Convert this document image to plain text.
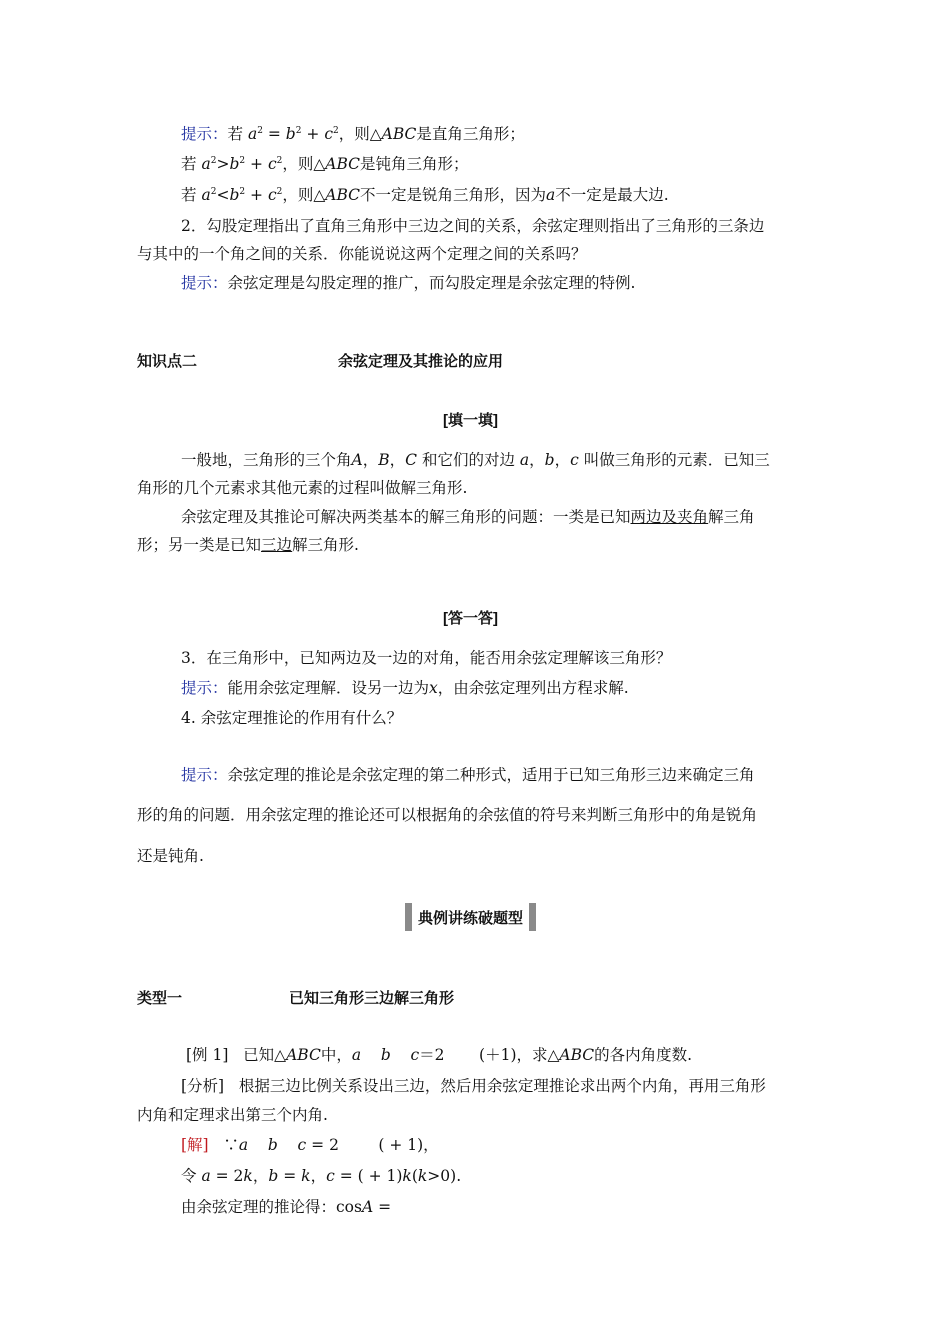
提示：若 $a^2 = b^2 + c^2$，则△ABC是直角三角形；
若 $a^2>b^2 + c^2$，则△ABC是钝角三角形；
若 $a^2<b^2 + c^2$，则△ABC不一定是锐角三角形，因为a不一定是最大边.
2．勾股定理指出了直角三角形中三边之间的关系，余弦定理则指出了三角形的三条边
与其中的一个角之间的关系．你能说说这两个定理之间的关系吗？
提示：余弦定理是勾股定理的推广，而勾股定理是余弦定理的特例.
知识点二	余弦定理及其推论的应用
[填一填]
一般地，三角形的三个角A，B，C 和它们的对边 a，b，c 叫做三角形的元素．已知三
角形的几个元素求其他元素的过程叫做解三角形.
余弦定理及其推论可解决两类基本的解三角形的问题：一类是已知两边及夹角解三角
形；另一类是已知三边解三角形.
[答一答]
3．在三角形中，已知两边及一边的对角，能否用余弦定理解该三角形？
提示：能用余弦定理解．设另一边为x，由余弦定理列出方程求解.
4. 余弦定理推论的作用有什么？
提示：余弦定理的推论是余弦定理的第二种形式，适用于已知三角形三边来确定三角
形的角的问题．用余弦定理的推论还可以根据角的余弦值的符号来判断三角形中的角是锐角
还是钝角.
典例讲练破题型
类型一	已知三角形三边解三角形
[例 1] 已知△ABC中，a b c＝2 (＋1)，求△ABC的各内角度数.
[分析] 根据三边比例关系设出三边，然后用余弦定理推论求出两个内角，再用三角形
内角和定理求出第三个内角.
[解] ∵a b c = 2	( + 1)，
令 a = 2k，b = k，c = ( + 1)k(k>0).
由余弦定理的推论得：cosA =
